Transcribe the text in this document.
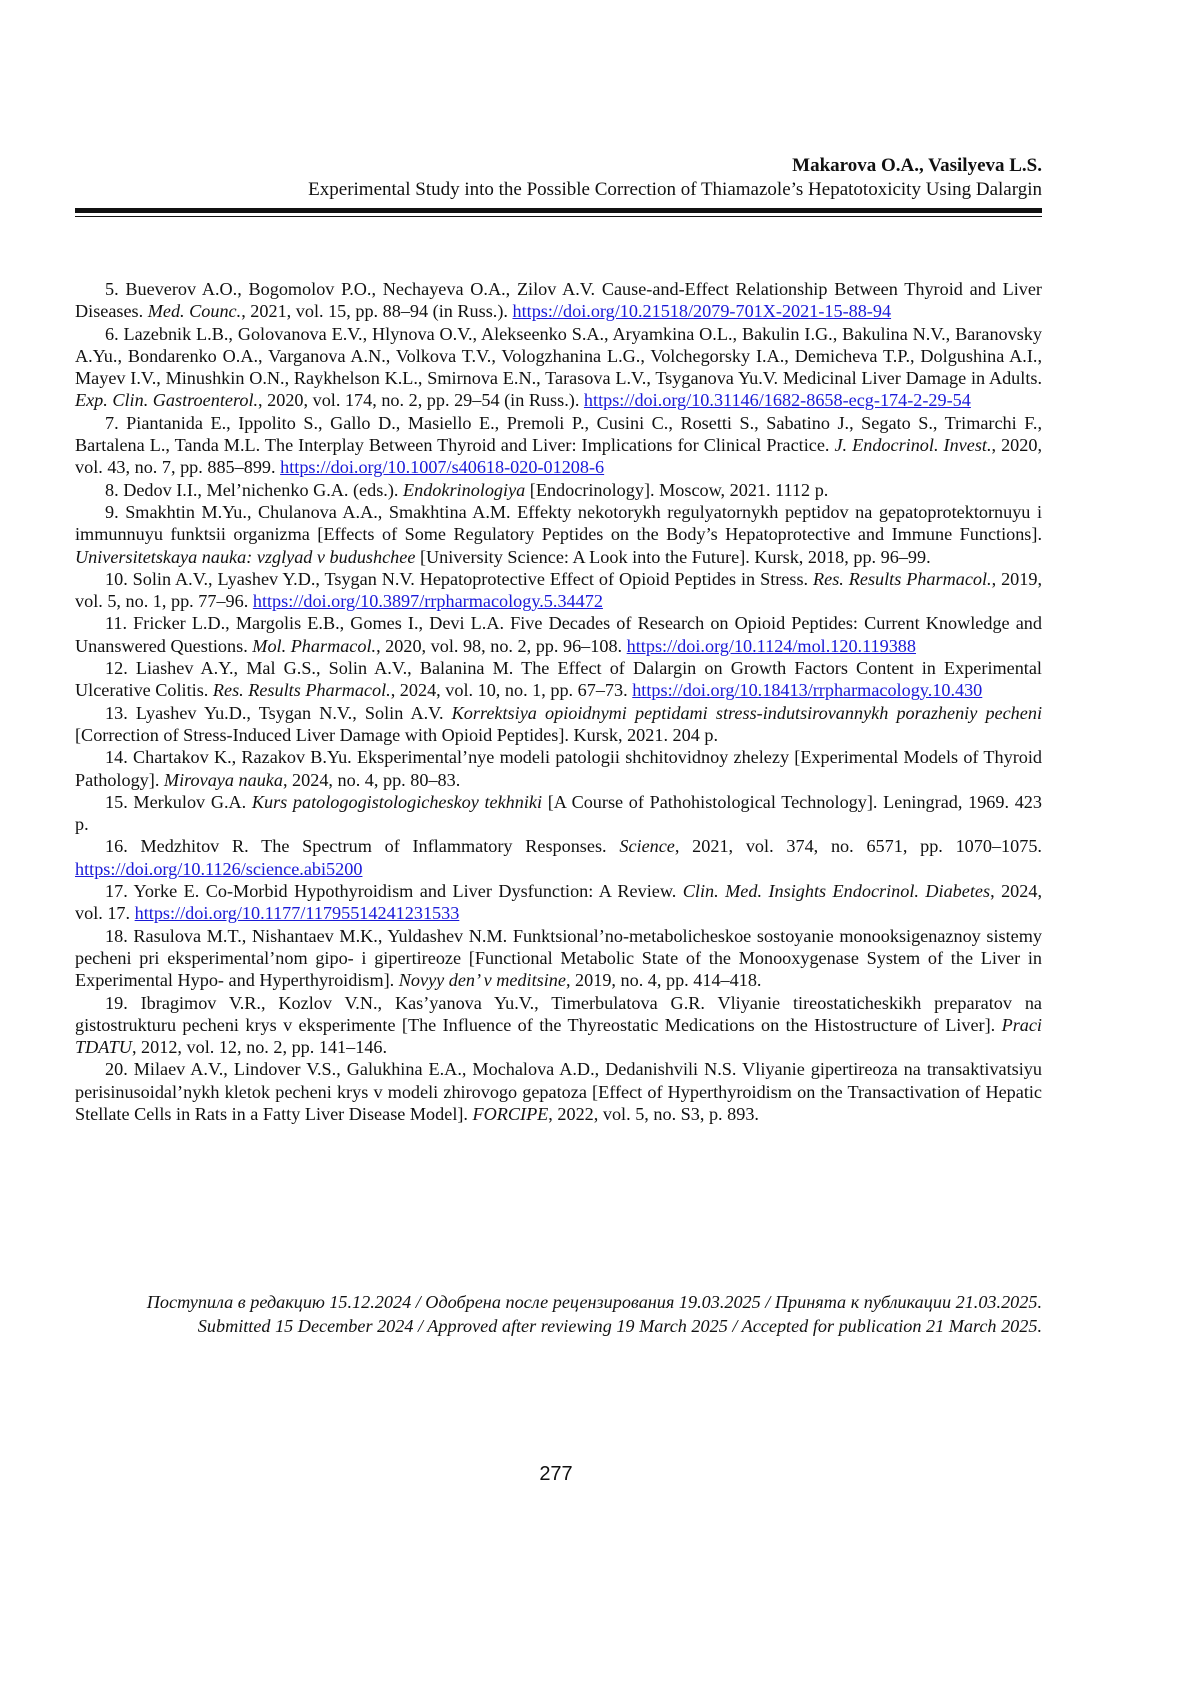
Makarova O.A., Vasilyeva L.S.
Experimental Study into the Possible Correction of Thiamazole’s Hepatotoxicity Using Dalargin

5. Bueverov A.O., Bogomolov P.O., Nechayeva O.A., Zilov A.V. Cause-and-Effect Relationship Between Thyroid and Liver Diseases. Med. Counc., 2021, vol. 15, pp. 88–94 (in Russ.). https://doi.org/10.21518/2079-701X-2021-15-88-94

6. Lazebnik L.B., Golovanova E.V., Hlynova O.V., Alekseenko S.A., Aryamkina O.L., Bakulin I.G., Bakulina N.V., Baranovsky A.Yu., Bondarenko O.A., Varganova A.N., Volkova T.V., Vologzhanina L.G., Volchegorsky I.A., Demicheva T.P., Dolgushina A.I., Mayev I.V., Minushkin O.N., Raykhelson K.L., Smirnova E.N., Tarasova L.V., Tsyganova Yu.V. Medicinal Liver Damage in Adults. Exp. Clin. Gastroenterol., 2020, vol. 174, no. 2, pp. 29–54 (in Russ.). https://doi.org/10.31146/1682-8658-ecg-174-2-29-54

7. Piantanida E., Ippolito S., Gallo D., Masiello E., Premoli P., Cusini C., Rosetti S., Sabatino J., Segato S., Trimarchi F., Bartalena L., Tanda M.L. The Interplay Between Thyroid and Liver: Implications for Clinical Practice. J. Endocrinol. Invest., 2020, vol. 43, no. 7, pp. 885–899. https://doi.org/10.1007/s40618-020-01208-6

8. Dedov I.I., Mel’nichenko G.A. (eds.). Endokrinologiya [Endocrinology]. Moscow, 2021. 1112 p.

9. Smakhtin M.Yu., Chulanova A.A., Smakhtina A.M. Effekty nekotorykh regulyatornykh peptidov na gepatoprotektornuyu i immunnuyu funktsii organizma [Effects of Some Regulatory Peptides on the Body’s Hepatoprotective and Immune Functions]. Universitetskaya nauka: vzglyad v budushchee [University Science: A Look into the Future]. Kursk, 2018, pp. 96–99.

10. Solin A.V., Lyashev Y.D., Tsygan N.V. Hepatoprotective Effect of Opioid Peptides in Stress. Res. Results Pharmacol., 2019, vol. 5, no. 1, pp. 77–96. https://doi.org/10.3897/rrpharmacology.5.34472

11. Fricker L.D., Margolis E.B., Gomes I., Devi L.A. Five Decades of Research on Opioid Peptides: Current Knowledge and Unanswered Questions. Mol. Pharmacol., 2020, vol. 98, no. 2, pp. 96–108. https://doi.org/10.1124/mol.120.119388

12. Liashev A.Y., Mal G.S., Solin A.V., Balanina M. The Effect of Dalargin on Growth Factors Content in Experimental Ulcerative Colitis. Res. Results Pharmacol., 2024, vol. 10, no. 1, pp. 67–73. https://doi.org/10.18413/rrpharmacology.10.430

13. Lyashev Yu.D., Tsygan N.V., Solin A.V. Korrektsiya opioidnymi peptidami stress-indutsirovannykh porazheniy pecheni [Correction of Stress-Induced Liver Damage with Opioid Peptides]. Kursk, 2021. 204 p.

14. Chartakov K., Razakov B.Yu. Eksperimental’nye modeli patologii shchitovidnoy zhelezy [Experimental Models of Thyroid Pathology]. Mirovaya nauka, 2024, no. 4, pp. 80–83.

15. Merkulov G.A. Kurs patologogistologicheskoy tekhniki [A Course of Pathohistological Technology]. Leningrad, 1969. 423 p.

16. Medzhitov R. The Spectrum of Inflammatory Responses. Science, 2021, vol. 374, no. 6571, pp. 1070–1075. https://doi.org/10.1126/science.abi5200

17. Yorke E. Co-Morbid Hypothyroidism and Liver Dysfunction: A Review. Clin. Med. Insights Endocrinol. Diabetes, 2024, vol. 17. https://doi.org/10.1177/11795514241231533

18. Rasulova M.T., Nishantaev M.K., Yuldashev N.M. Funktsional’no-metabolicheskoe sostoyanie monooksigenaznoy sistemy pecheni pri eksperimental’nom gipo- i gipertireoze [Functional Metabolic State of the Monooxygenase System of the Liver in Experimental Hypo- and Hyperthyroidism]. Novyy den’ v meditsine, 2019, no. 4, pp. 414–418.

19. Ibragimov V.R., Kozlov V.N., Kas’yanova Yu.V., Timerbulatova G.R. Vliyanie tireostaticheskikh preparatov na gistostrukturu pecheni krys v eksperimente [The Influence of the Thyreostatic Medications on the Histostructure of Liver]. Praci TDATU, 2012, vol. 12, no. 2, pp. 141–146.

20. Milaev A.V., Lindover V.S., Galukhina E.A., Mochalova A.D., Dedanishvili N.S. Vliyanie gipertireoza na transaktivatsiyu perisinusoidal’nykh kletok pecheni krys v modeli zhirovogo gepatoza [Effect of Hyperthyroidism on the Transactivation of Hepatic Stellate Cells in Rats in a Fatty Liver Disease Model]. FORCIPE, 2022, vol. 5, no. S3, p. 893.

Поступила в редакцию 15.12.2024 / Одобрена после рецензирования 19.03.2025 / Принята к публикации 21.03.2025.
Submitted 15 December 2024 / Approved after reviewing 19 March 2025 / Accepted for publication 21 March 2025.
277
